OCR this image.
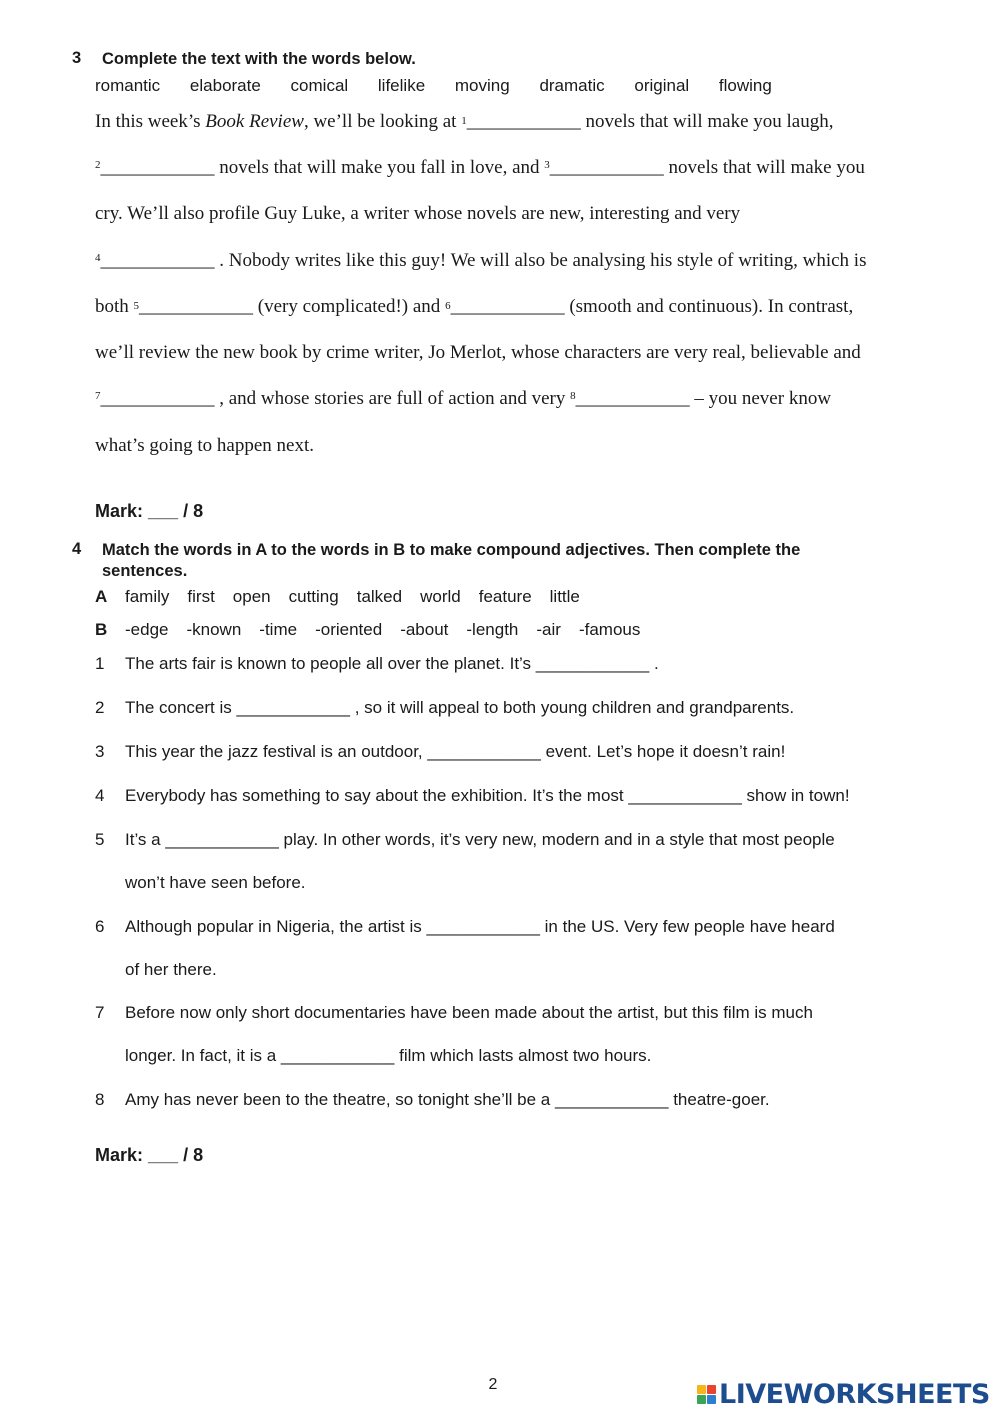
3 Complete the text with the words below.
romantic elaborate comical lifelike moving dramatic original flowing
In this week’s Book Review, we’ll be looking at $^1$____________ novels that will make you laugh,
$^2$____________ novels that will make you fall in love, and $^3$____________ novels that will make you
cry. We’ll also profile Guy Luke, a writer whose novels are new, interesting and very
$^4$____________ . Nobody writes like this guy! We will also be analysing his style of writing, which is
both $^5$____________ (very complicated!) and $^6$____________ (smooth and continuous). In contrast,
we’ll review the new book by crime writer, Jo Merlot, whose characters are very real, believable and
$^7$____________ , and whose stories are full of action and very $^8$____________ – you never know
what’s going to happen next.
Mark: ___ / 8
4 Match the words in A to the words in B to make compound adjectives. Then complete the
sentences.
A family first open cutting talked world feature little
B -edge -known -time -oriented -about -length -air -famous
1 The arts fair is known to people all over the planet. It’s ____________ .
2 The concert is ____________ , so it will appeal to both young children and grandparents.
3 This year the jazz festival is an outdoor, ____________ event. Let’s hope it doesn’t rain!
4 Everybody has something to say about the exhibition. It’s the most ____________ show in town!
5 It’s a ____________ play. In other words, it’s very new, modern and in a style that most people
won’t have seen before.
6 Although popular in Nigeria, the artist is ____________ in the US. Very few people have heard
of her there.
7 Before now only short documentaries have been made about the artist, but this film is much
longer. In fact, it is a ____________ film which lasts almost two hours.
8 Amy has never been to the theatre, so tonight she’ll be a ____________ theatre-goer.
Mark: ___ / 8
2	LIVEWORKSHEETS
